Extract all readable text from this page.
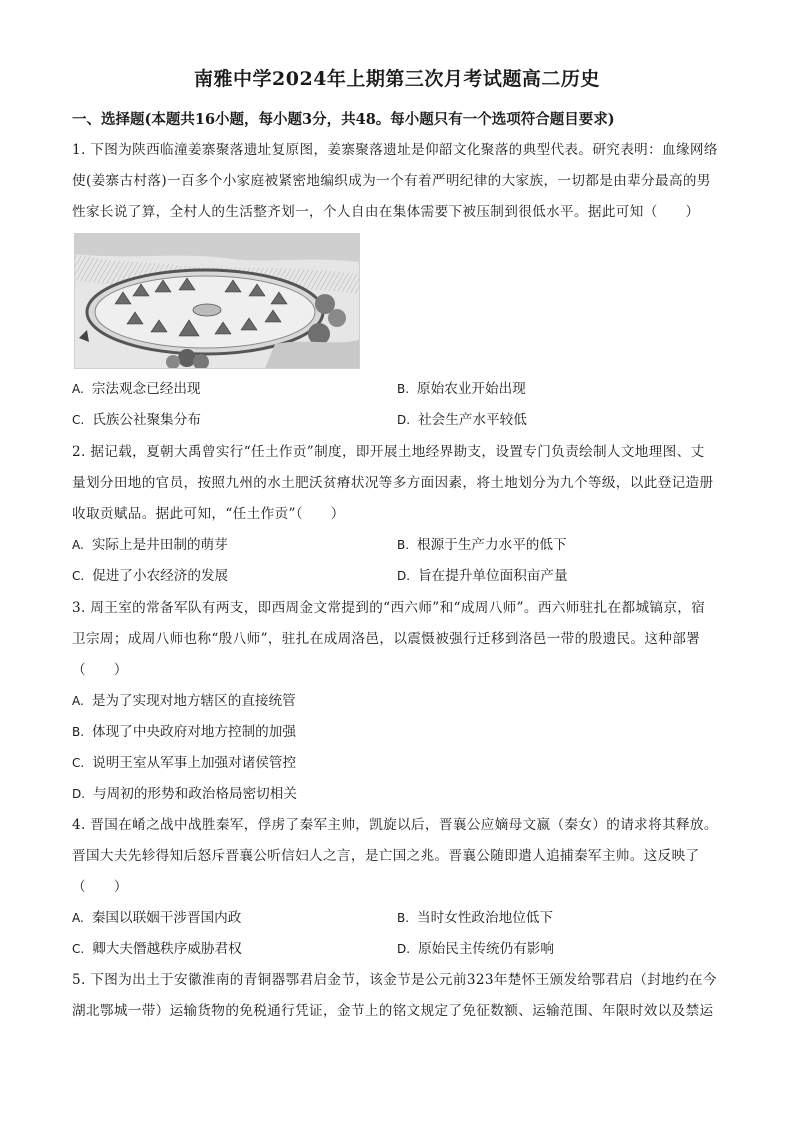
南雅中学2024年上期第三次月考试题高二历史
一、选择题(本题共16小题，每小题3分，共48。每小题只有一个选项符合题目要求)
1. 下图为陕西临潼姜寨聚落遗址复原图，姜寨聚落遗址是仰韶文化聚落的典型代表。研究表明：血缘网络
使(姜寨古村落)一百多个小家庭被紧密地编织成为一个有着严明纪律的大家族，一切都是由辈分最高的男
性家长说了算，全村人的生活整齐划一，个人自由在集体需要下被压制到很低水平。据此可知（　　）
A. 宗法观念已经出现	B. 原始农业开始出现
C. 氏族公社聚集分布	D. 社会生产水平较低
2. 据记载，夏朝大禹曾实行“任土作贡”制度，即开展土地经界勘支，设置专门负责绘制人文地理图、丈
量划分田地的官员，按照九州的水土肥沃贫瘠状况等多方面因素，将土地划分为九个等级，以此登记造册
收取贡赋品。据此可知，“任土作贡”（　　）
A. 实际上是井田制的萌芽	B. 根源于生产力水平的低下
C. 促进了小农经济的发展	D. 旨在提升单位面积亩产量
3. 周王室的常备军队有两支，即西周金文常提到的“西六师”和“成周八师”。西六师驻扎在都城镐京，宿
卫宗周；成周八师也称“殷八师”，驻扎在成周洛邑，以震慑被强行迁移到洛邑一带的殷遗民。这种部署
（　　）
A. 是为了实现对地方辖区的直接统管
B. 体现了中央政府对地方控制的加强
C. 说明王室从军事上加强对诸侯管控
D. 与周初的形势和政治格局密切相关
4. 晋国在崤之战中战胜秦军，俘虏了秦军主帅，凯旋以后，晋襄公应嫡母文嬴（秦女）的请求将其释放。
晋国大夫先轸得知后怒斥晋襄公听信妇人之言，是亡国之兆。晋襄公随即遣人追捕秦军主帅。这反映了
（　　）
A. 秦国以联姻干涉晋国内政	B. 当时女性政治地位低下
C. 卿大夫僭越秩序威胁君权	D. 原始民主传统仍有影响
5. 下图为出土于安徽淮南的青铜器鄂君启金节，该金节是公元前323年楚怀王颁发给鄂君启（封地约在今
湖北鄂城一带）运输货物的免税通行凭证，金节上的铭文规定了免征数额、运输范围、年限时效以及禁运
